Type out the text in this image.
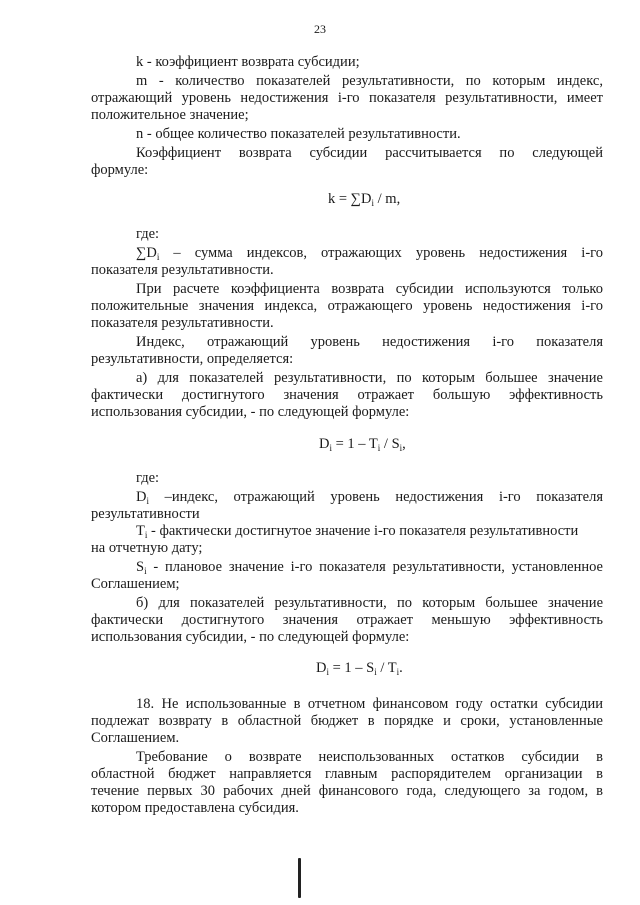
23
k - коэффициент возврата субсидии;
m - количество показателей результативности, по которым индекс,
отражающий уровень недостижения i-го показателя результативности, имеет
положительное значение;
n - общее количество показателей результативности.
Коэффициент возврата субсидии рассчитывается по следующей
формуле:
$k = \sum D_i / m$,
где:
$\sum D_i$ – сумма индексов, отражающих уровень недостижения i-го
показателя результативности.
При расчете коэффициента возврата субсидии используются только
положительные значения индекса, отражающего уровень недостижения i-го
показателя результативности.
Индекс, отражающий уровень недостижения i-го показателя
результативности, определяется:
а) для показателей результативности, по которым большее значение
фактически достигнутого значения отражает большую эффективность
использования субсидии, - по следующей формуле:
$D_i = 1 - T_i / S_i$,
где:
$D_i$ –индекс, отражающий уровень недостижения i-го показателя
результативности
$T_i$ - фактически достигнутое значение i-го показателя результативности
на отчетную дату;
$S_i$ - плановое значение i-го показателя результативности, установленное
Соглашением;
б) для показателей результативности, по которым большее значение
фактически достигнутого значения отражает меньшую эффективность
использования субсидии, - по следующей формуле:
$D_i = 1 - S_i / T_i$.
18. Не использованные в отчетном финансовом году остатки субсидии
подлежат возврату в областной бюджет в порядке и сроки, установленные
Соглашением.
Требование о возврате неиспользованных остатков субсидии в
областной бюджет направляется главным распорядителем организации в
течение первых 30 рабочих дней финансового года, следующего за годом, в
котором предоставлена субсидия.
